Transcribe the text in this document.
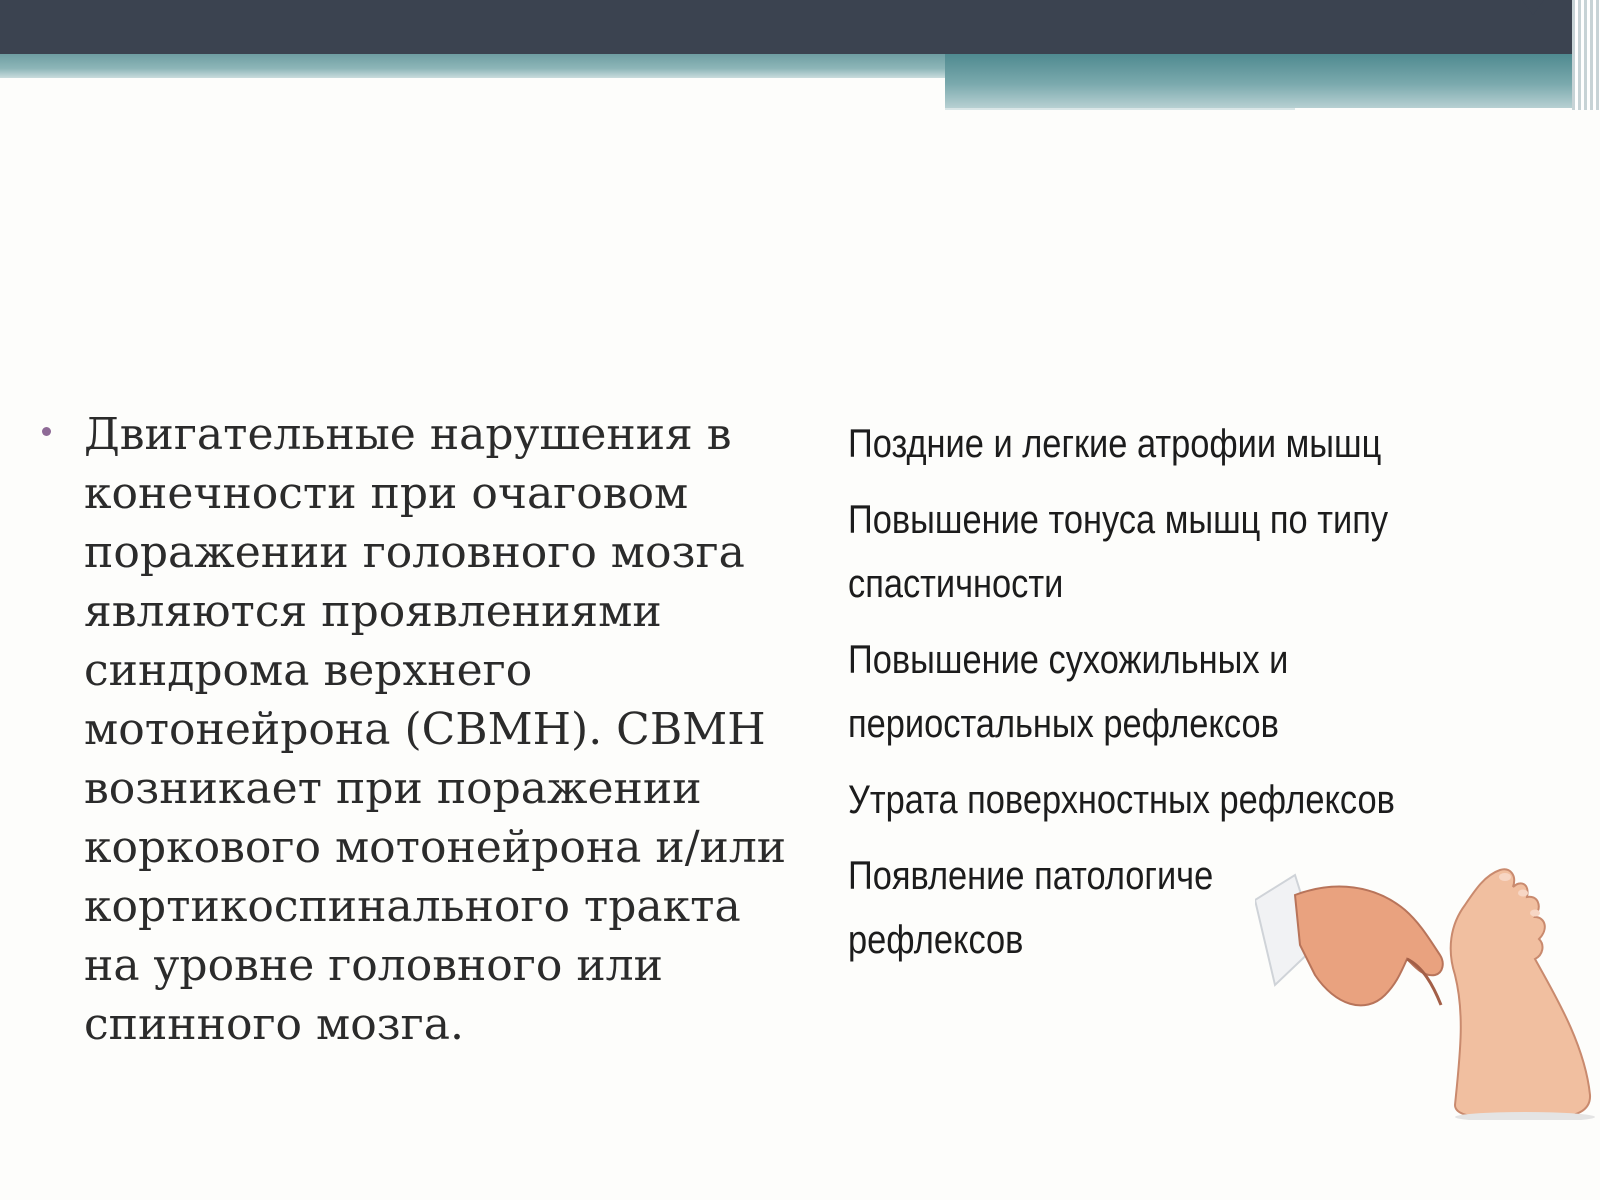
Двигательные нарушения в
конечности при очаговом
поражении головного мозга
являются проявлениями
синдрома верхнего
мотонейрона (СВМН). СВМН
возникает при поражении
коркового мотонейрона и/или
кортикоспинального тракта
на уровне головного или
спинного мозга.

Поздние и легкие атрофии мышц
Повышение тонуса мышц по типу
спастичности
Повышение сухожильных и
периостальных рефлексов
Утрата поверхностных рефлексов
Появление патологиче
рефлексов
